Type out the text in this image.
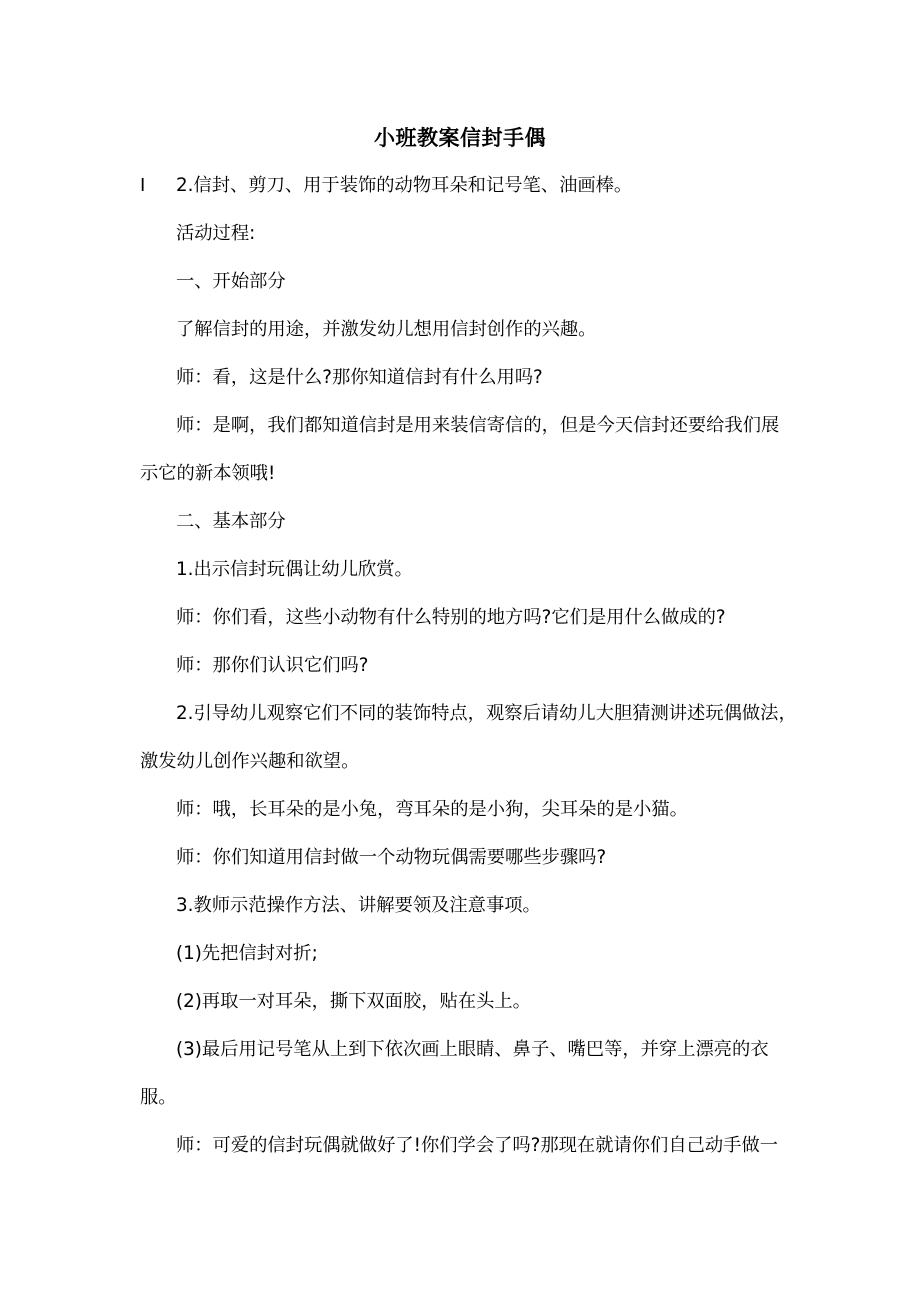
小班教案信封手偶
I 2.信封、剪刀、用于装饰的动物耳朵和记号笔、油画棒。
活动过程:
一、开始部分
了解信封的用途，并激发幼儿想用信封创作的兴趣。
师：看，这是什么?那你知道信封有什么用吗?
师：是啊，我们都知道信封是用来装信寄信的，但是今天信封还要给我们展
示它的新本领哦!
二、基本部分
1.出示信封玩偶让幼儿欣赏。
师：你们看，这些小动物有什么特别的地方吗?它们是用什么做成的?
师：那你们认识它们吗?
2.引导幼儿观察它们不同的装饰特点，观察后请幼儿大胆猜测讲述玩偶做法，
激发幼儿创作兴趣和欲望。
师：哦，长耳朵的是小兔，弯耳朵的是小狗，尖耳朵的是小猫。
师：你们知道用信封做一个动物玩偶需要哪些步骤吗?
3.教师示范操作方法、讲解要领及注意事项。
(1)先把信封对折;
(2)再取一对耳朵，撕下双面胶，贴在头上。
(3)最后用记号笔从上到下依次画上眼睛、鼻子、嘴巴等，并穿上漂亮的衣
服。
师：可爱的信封玩偶就做好了!你们学会了吗?那现在就请你们自己动手做一
